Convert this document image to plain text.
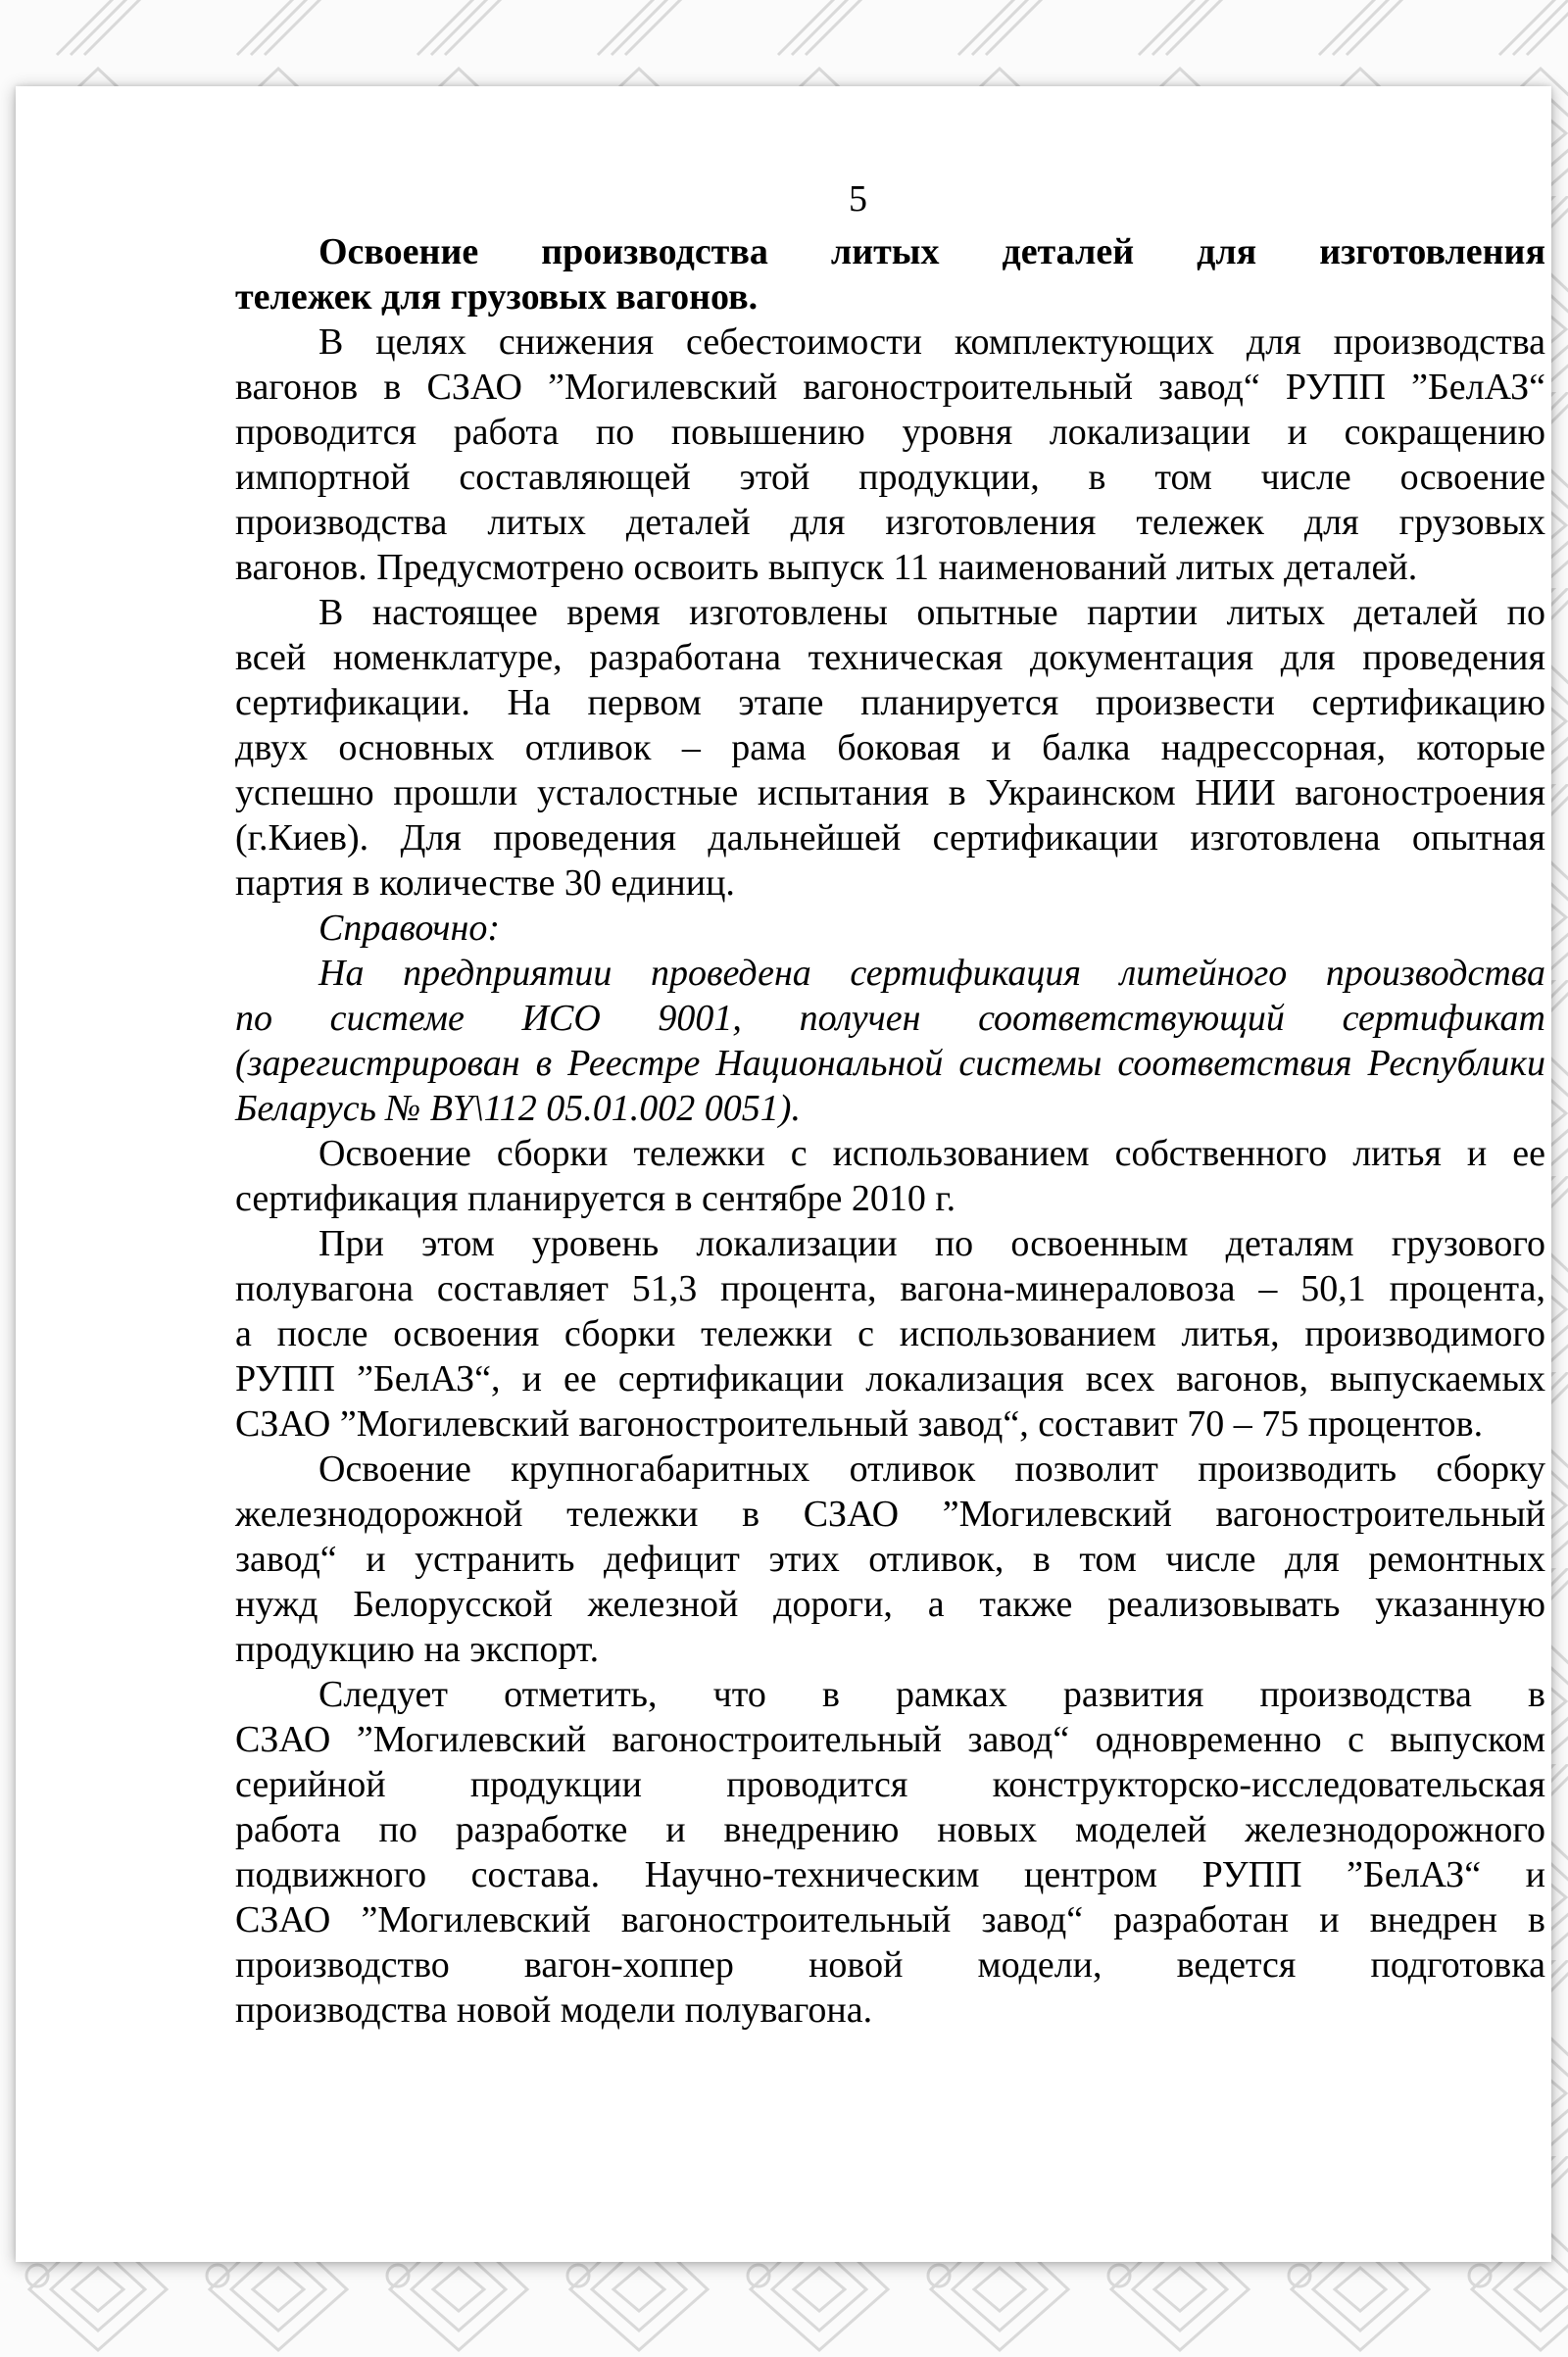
5
Освоение производства литых деталей для изготовления
тележек для грузовых вагонов.
В целях снижения себестоимости комплектующих для производства
вагонов в СЗАО ”Могилевский вагоностроительный завод“ РУПП ”БелАЗ“
проводится работа по повышению уровня локализации и сокращению
импортной составляющей этой продукции, в том числе освоение
производства литых деталей для изготовления тележек для грузовых
вагонов. Предусмотрено освоить выпуск 11 наименований литых деталей.
В настоящее время изготовлены опытные партии литых деталей по
всей номенклатуре, разработана техническая документация для проведения
сертификации. На первом этапе планируется произвести сертификацию
двух основных отливок – рама боковая и балка надрессорная, которые
успешно прошли усталостные испытания в Украинском НИИ вагоностроения
(г.Киев). Для проведения дальнейшей сертификации изготовлена опытная
партия в количестве 30 единиц.
Справочно:
На предприятии проведена сертификация литейного производства
по системе ИСО 9001, получен соответствующий сертификат
(зарегистрирован в Реестре Национальной системы соответствия Республики
Беларусь № BY\112 05.01.002 0051).
Освоение сборки тележки с использованием собственного литья и ее
сертификация планируется в сентябре 2010 г.
При этом уровень локализации по освоенным деталям грузового
полувагона составляет 51,3 процента, вагона-минераловоза – 50,1 процента,
а после освоения сборки тележки с использованием литья, производимого
РУПП ”БелАЗ“, и ее сертификации локализация всех вагонов, выпускаемых
СЗАО ”Могилевский вагоностроительный завод“, составит 70 – 75 процентов.
Освоение крупногабаритных отливок позволит производить сборку
железнодорожной тележки в СЗАО ”Могилевский вагоностроительный
завод“ и устранить дефицит этих отливок, в том числе для ремонтных
нужд Белорусской железной дороги, а также реализовывать указанную
продукцию на экспорт.
Следует отметить, что в рамках развития производства в
СЗАО ”Могилевский вагоностроительный завод“ одновременно с выпуском
серийной продукции проводится конструкторско-исследовательская
работа по разработке и внедрению новых моделей железнодорожного
подвижного состава. Научно-техническим центром РУПП ”БелАЗ“ и
СЗАО ”Могилевский вагоностроительный завод“ разработан и внедрен в
производство вагон-хоппер новой модели, ведется подготовка
производства новой модели полувагона.
